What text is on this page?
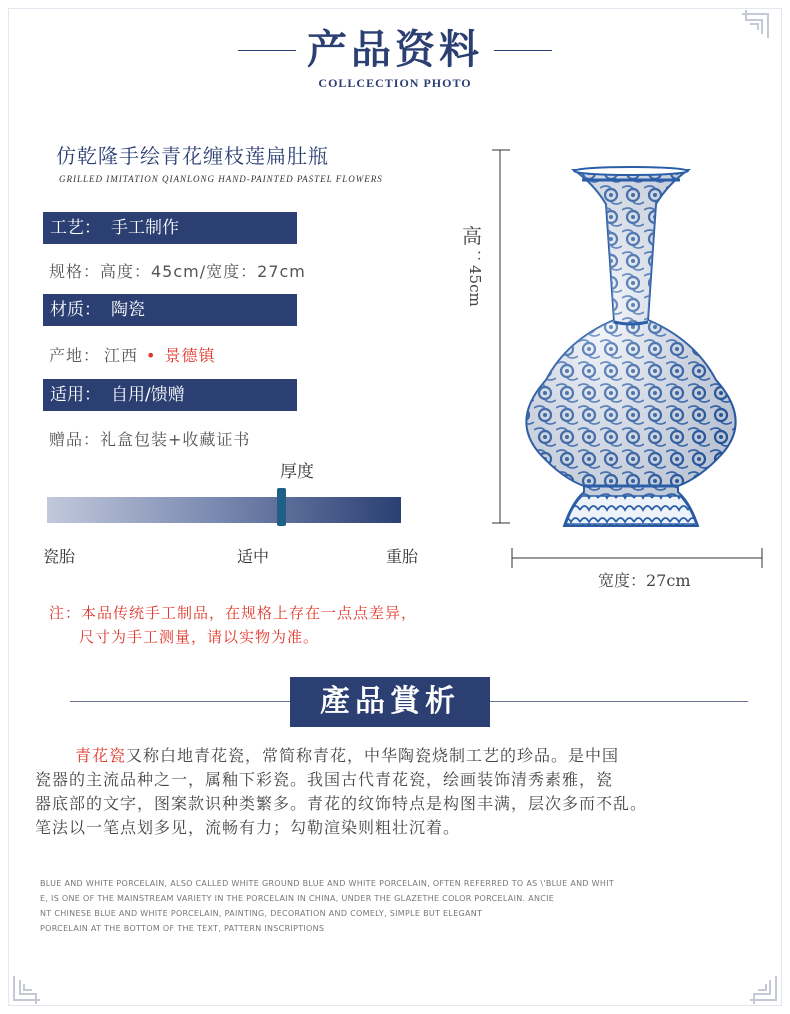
产品资料
COLLCECTION PHOTO
仿乾隆手绘青花缠枝莲扁肚瓶
GRILLED IMITATION QIANLONG HAND-PAINTED PASTEL FLOWERS
工艺： 手工制作
规格：高度：45cm/宽度：27cm
材质： 陶瓷
产地： 江西 • 景德镇
适用： 自用/馈赠
赠品：礼盒包装+收藏证书
厚度
瓷胎	适中	重胎
注：本品传统手工制品，在规格上存在一点点差异，
尺寸为手工测量，请以实物为准。
高
：45cm
宽度：27cm
產品賞析

青花瓷又称白地青花瓷，常简称青花，中华陶瓷烧制工艺的珍品。是中国

瓷器的主流品种之一，属釉下彩瓷。我国古代青花瓷，绘画装饰清秀素雅，瓷

器底部的文字，图案款识种类繁多。青花的纹饰特点是构图丰满，层次多而不乱。

笔法以一笔点划多见，流畅有力；勾勒渲染则粗壮沉着。

BLUE AND WHITE PORCELAIN, ALSO CALLED WHITE GROUND BLUE AND WHITE PORCELAIN, OFTEN REFERRED TO AS \'BLUE AND WHIT

E, IS ONE OF THE MAINSTREAM VARIETY IN THE PORCELAIN IN CHINA, UNDER THE GLAZETHE COLOR PORCELAIN. ANCIE

NT CHINESE BLUE AND WHITE PORCELAIN, PAINTING, DECORATION AND COMELY, SIMPLE BUT ELEGANT

PORCELAIN AT THE BOTTOM OF THE TEXT, PATTERN INSCRIPTIONS
